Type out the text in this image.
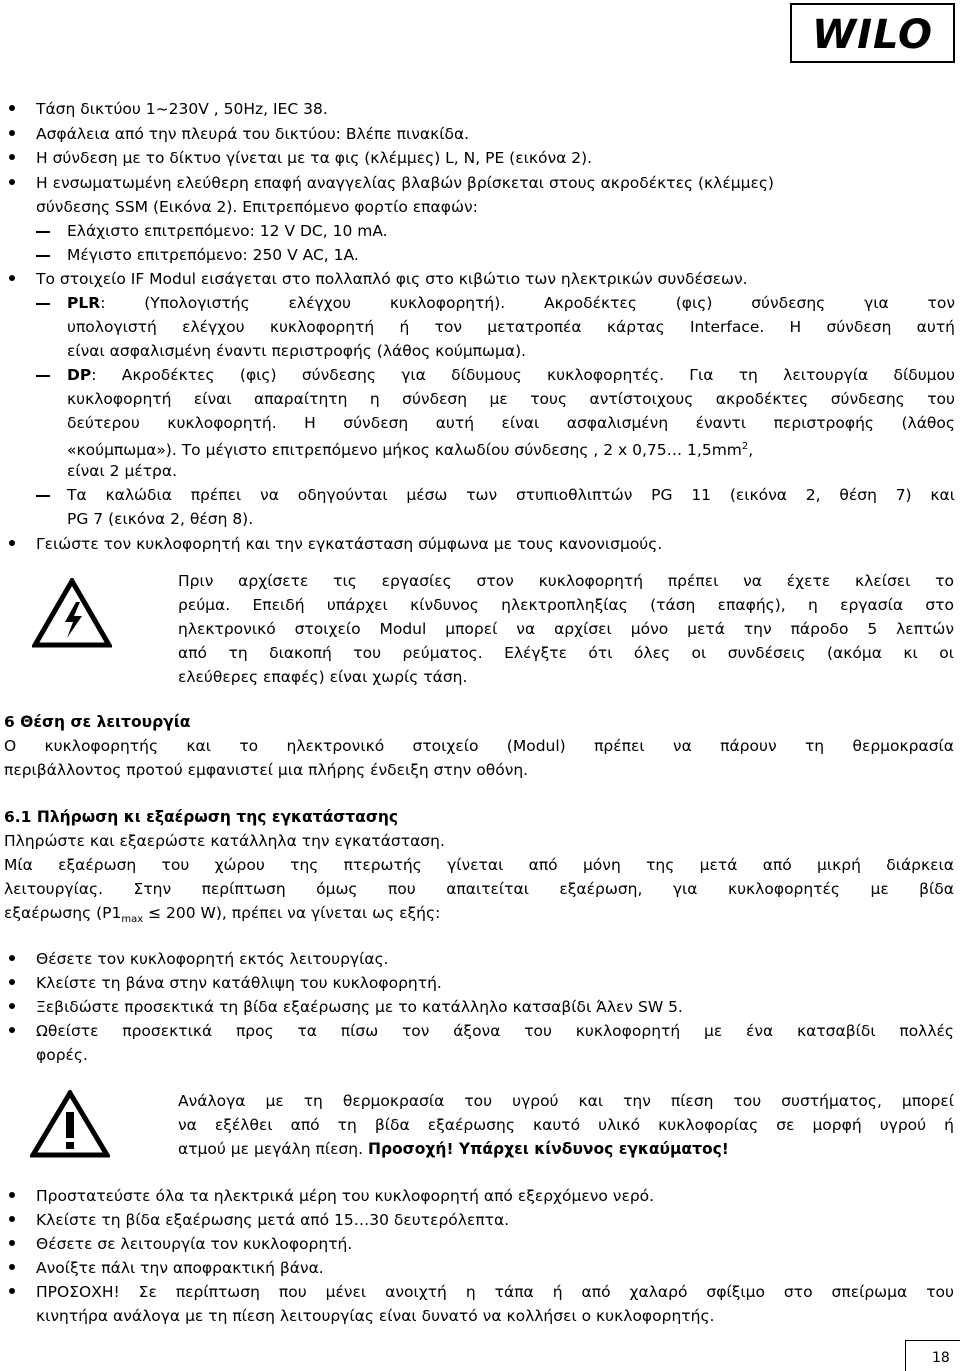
WILO
Τάση δικτύου 1~230V , 50Hz, IEC 38.
Ασφάλεια από την πλευρά του δικτύου: Βλέπε πινακίδα.
Η σύνδεση με το δίκτυο γίνεται με τα φις (κλέμμες) L, N, PE (εικόνα 2).
Η ενσωματωμένη ελεύθερη επαφή αναγγελίας βλαβών βρίσκεται στους ακροδέκτες (κλέμμες)
σύνδεσης SSM (Εικόνα 2). Επιτρεπόμενο φορτίο επαφών:
Ελάχιστο επιτρεπόμενο: 12 V DC, 10 mA.
Μέγιστο επιτρεπόμενο: 250 V AC, 1A.
Το στοιχείο IF Modul εισάγεται στο πολλαπλό φις στο κιβώτιο των ηλεκτρικών συνδέσεων.
PLR: (Υπολογιστής ελέγχου κυκλοφορητή). Ακροδέκτες (φις) σύνδεσης για τον
υπολογιστή ελέγχου κυκλοφορητή ή τον μετατροπέα κάρτας Interface. Η σύνδεση αυτή
είναι ασφαλισμένη έναντι περιστροφής (λάθος κούμπωμα).
DP: Ακροδέκτες (φις) σύνδεσης για δίδυμους κυκλοφορητές. Για τη λειτουργία δίδυμου
κυκλοφορητή είναι απαραίτητη η σύνδεση με τους αντίστοιχους ακροδέκτες σύνδεσης του
δεύτερου κυκλοφορητή. Η σύνδεση αυτή είναι ασφαλισμένη έναντι περιστροφής (λάθος
«κούμπωμα»). Το μέγιστο επιτρεπόμενο μήκος καλωδίου σύνδεσης , 2 x 0,75… $1,5mm^2$,
είναι 2 μέτρα.
Τα καλώδια πρέπει να οδηγούνται μέσω των στυπιοθλιπτών PG 11 (εικόνα 2, θέση 7) και
PG 7 (εικόνα 2, θέση 8).
Γειώστε τον κυκλοφορητή και την εγκατάσταση σύμφωνα με τους κανονισμούς.
Πριν αρχίσετε τις εργασίες στον κυκλοφορητή πρέπει να έχετε κλείσει το
ρεύμα. Επειδή υπάρχει κίνδυνος ηλεκτροπληξίας (τάση επαφής), η εργασία στο
ηλεκτρονικό στοιχείο Modul μπορεί να αρχίσει μόνο μετά την πάροδο 5 λεπτών
από τη διακοπή του ρεύματος. Ελέγξτε ότι όλες οι συνδέσεις (ακόμα κι οι
ελεύθερες επαφές) είναι χωρίς τάση.
6 Θέση σε λειτουργία
Ο κυκλοφορητής και το ηλεκτρονικό στοιχείο (Modul) πρέπει να πάρουν τη θερμοκρασία
περιβάλλοντος προτού εμφανιστεί μια πλήρης ένδειξη στην οθόνη.
6.1 Πλήρωση κι εξαέρωση της εγκατάστασης
Πληρώστε και εξαερώστε κατάλληλα την εγκατάσταση.
Μία εξαέρωση του χώρου της πτερωτής γίνεται από μόνη της μετά από μικρή διάρκεια
λειτουργίας. Στην περίπτωση όμως που απαιτείται εξαέρωση, για κυκλοφορητές με βίδα
εξαέρωσης ($P1_{max} \le 200$ W), πρέπει να γίνεται ως εξής:
Θέσετε τον κυκλοφορητή εκτός λειτουργίας.
Κλείστε τη βάνα στην κατάθλιψη του κυκλοφορητή.
Ξεβιδώστε προσεκτικά τη βίδα εξαέρωσης με το κατάλληλο κατσαβίδι Άλεν SW 5.
Ωθείστε προσεκτικά προς τα πίσω τον άξονα του κυκλοφορητή με ένα κατσαβίδι πολλές
φορές.
Ανάλογα με τη θερμοκρασία του υγρού και την πίεση του συστήματος, μπορεί
να εξέλθει από τη βίδα εξαέρωσης καυτό υλικό κυκλοφορίας σε μορφή υγρού ή
ατμού με μεγάλη πίεση. Προσοχή! Υπάρχει κίνδυνος εγκαύματος!
Προστατεύστε όλα τα ηλεκτρικά μέρη του κυκλοφορητή από εξερχόμενο νερό.
Κλείστε τη βίδα εξαέρωσης μετά από 15…30 δευτερόλεπτα.
Θέσετε σε λειτουργία τον κυκλοφορητή.
Ανοίξτε πάλι την αποφρακτική βάνα.
ΠΡΟΣΟΧΗ! Σε περίπτωση που μένει ανοιχτή η τάπα ή από χαλαρό σφίξιμο στο σπείρωμα του
κινητήρα ανάλογα με τη πίεση λειτουργίας είναι δυνατό να κολλήσει ο κυκλοφορητής.
18
